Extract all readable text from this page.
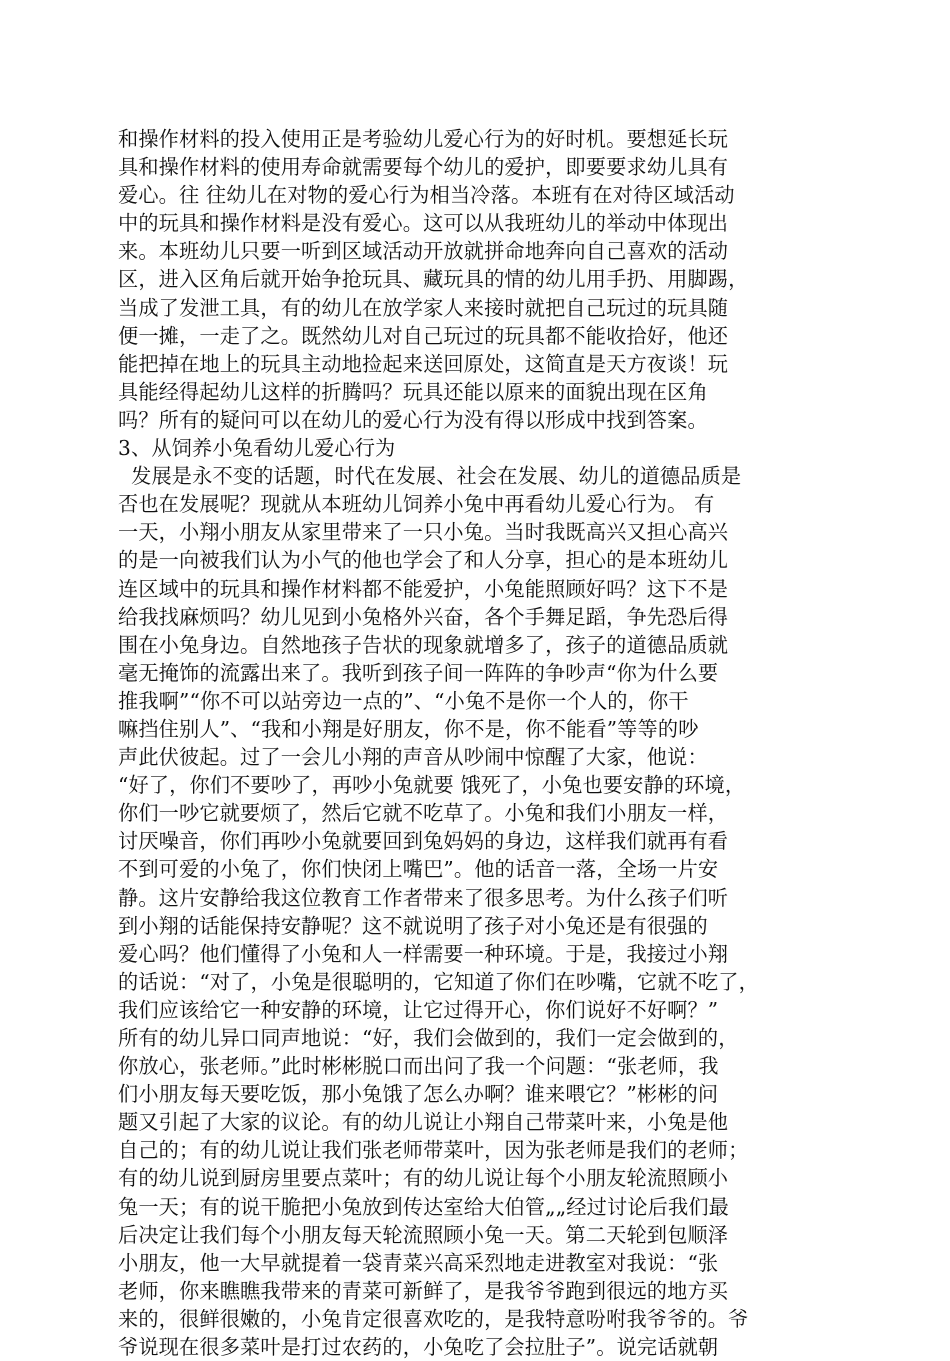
和操作材料的投入使用正是考验幼儿爱心行为的好时机。要想延长玩
具和操作材料的使用寿命就需要每个幼儿的爱护，即要要求幼儿具有
爱心。往 往幼儿在对物的爱心行为相当冷落。本班有在对待区域活动
中的玩具和操作材料是没有爱心。这可以从我班幼儿的举动中体现出
来。本班幼儿只要一听到区域活动开放就拼命地奔向自己喜欢的活动
区，进入区角后就开始争抢玩具、藏玩具的情的幼儿用手扔、用脚踢，
当成了发泄工具，有的幼儿在放学家人来接时就把自己玩过的玩具随
便一摊，一走了之。既然幼儿对自己玩过的玩具都不能收拾好，他还
能把掉在地上的玩具主动地捡起来送回原处，这简直是天方夜谈！玩
具能经得起幼儿这样的折腾吗？玩具还能以原来的面貌出现在区角
吗？所有的疑问可以在幼儿的爱心行为没有得以形成中找到答案。
3、从饲养小兔看幼儿爱心行为
发展是永不变的话题，时代在发展、社会在发展、幼儿的道德品质是
否也在发展呢？现就从本班幼儿饲养小兔中再看幼儿爱心行为。 有
一天，小翔小朋友从家里带来了一只小兔。当时我既高兴又担心高兴
的是一向被我们认为小气的他也学会了和人分享，担心的是本班幼儿
连区域中的玩具和操作材料都不能爱护，小兔能照顾好吗？这下不是
给我找麻烦吗？幼儿见到小兔格外兴奋，各个手舞足蹈，争先恐后得
围在小兔身边。自然地孩子告状的现象就增多了，孩子的道德品质就
毫无掩饰的流露出来了。我听到孩子间一阵阵的争吵声“你为什么要
推我啊”“你不可以站旁边一点的”、“小兔不是你一个人的，你干
嘛挡住别人”、“我和小翔是好朋友，你不是，你不能看”等等的吵
声此伏彼起。过了一会儿小翔的声音从吵闹中惊醒了大家，他说：
“好了，你们不要吵了，再吵小兔就要 饿死了，小兔也要安静的环境，
你们一吵它就要烦了，然后它就不吃草了。小兔和我们小朋友一样，
讨厌噪音，你们再吵小兔就要回到兔妈妈的身边，这样我们就再有看
不到可爱的小兔了，你们快闭上嘴巴”。他的话音一落，全场一片安
静。这片安静给我这位教育工作者带来了很多思考。为什么孩子们听
到小翔的话能保持安静呢？这不就说明了孩子对小兔还是有很强的
爱心吗？他们懂得了小兔和人一样需要一种环境。于是，我接过小翔
的话说：“对了，小兔是很聪明的，它知道了你们在吵嘴，它就不吃了，
我们应该给它一种安静的环境，让它过得开心，你们说好不好啊？”
所有的幼儿异口同声地说：“好，我们会做到的，我们一定会做到的，
你放心，张老师。”此时彬彬脱口而出问了我一个问题：“张老师，我
们小朋友每天要吃饭，那小兔饿了怎么办啊？谁来喂它？”彬彬的问
题又引起了大家的议论。有的幼儿说让小翔自己带菜叶来，小兔是他
自己的；有的幼儿说让我们张老师带菜叶，因为张老师是我们的老师；
有的幼儿说到厨房里要点菜叶；有的幼儿说让每个小朋友轮流照顾小
兔一天；有的说干脆把小兔放到传达室给大伯管„„经过讨论后我们最
后决定让我们每个小朋友每天轮流照顾小兔一天。第二天轮到包顺泽
小朋友，他一大早就提着一袋青菜兴高采烈地走进教室对我说：“张
老师，你来瞧瞧我带来的青菜可新鲜了，是我爷爷跑到很远的地方买
来的，很鲜很嫩的，小兔肯定很喜欢吃的，是我特意吩咐我爷爷的。爷
爷说现在很多菜叶是打过农药的，小兔吃了会拉肚子”。说完话就朝
